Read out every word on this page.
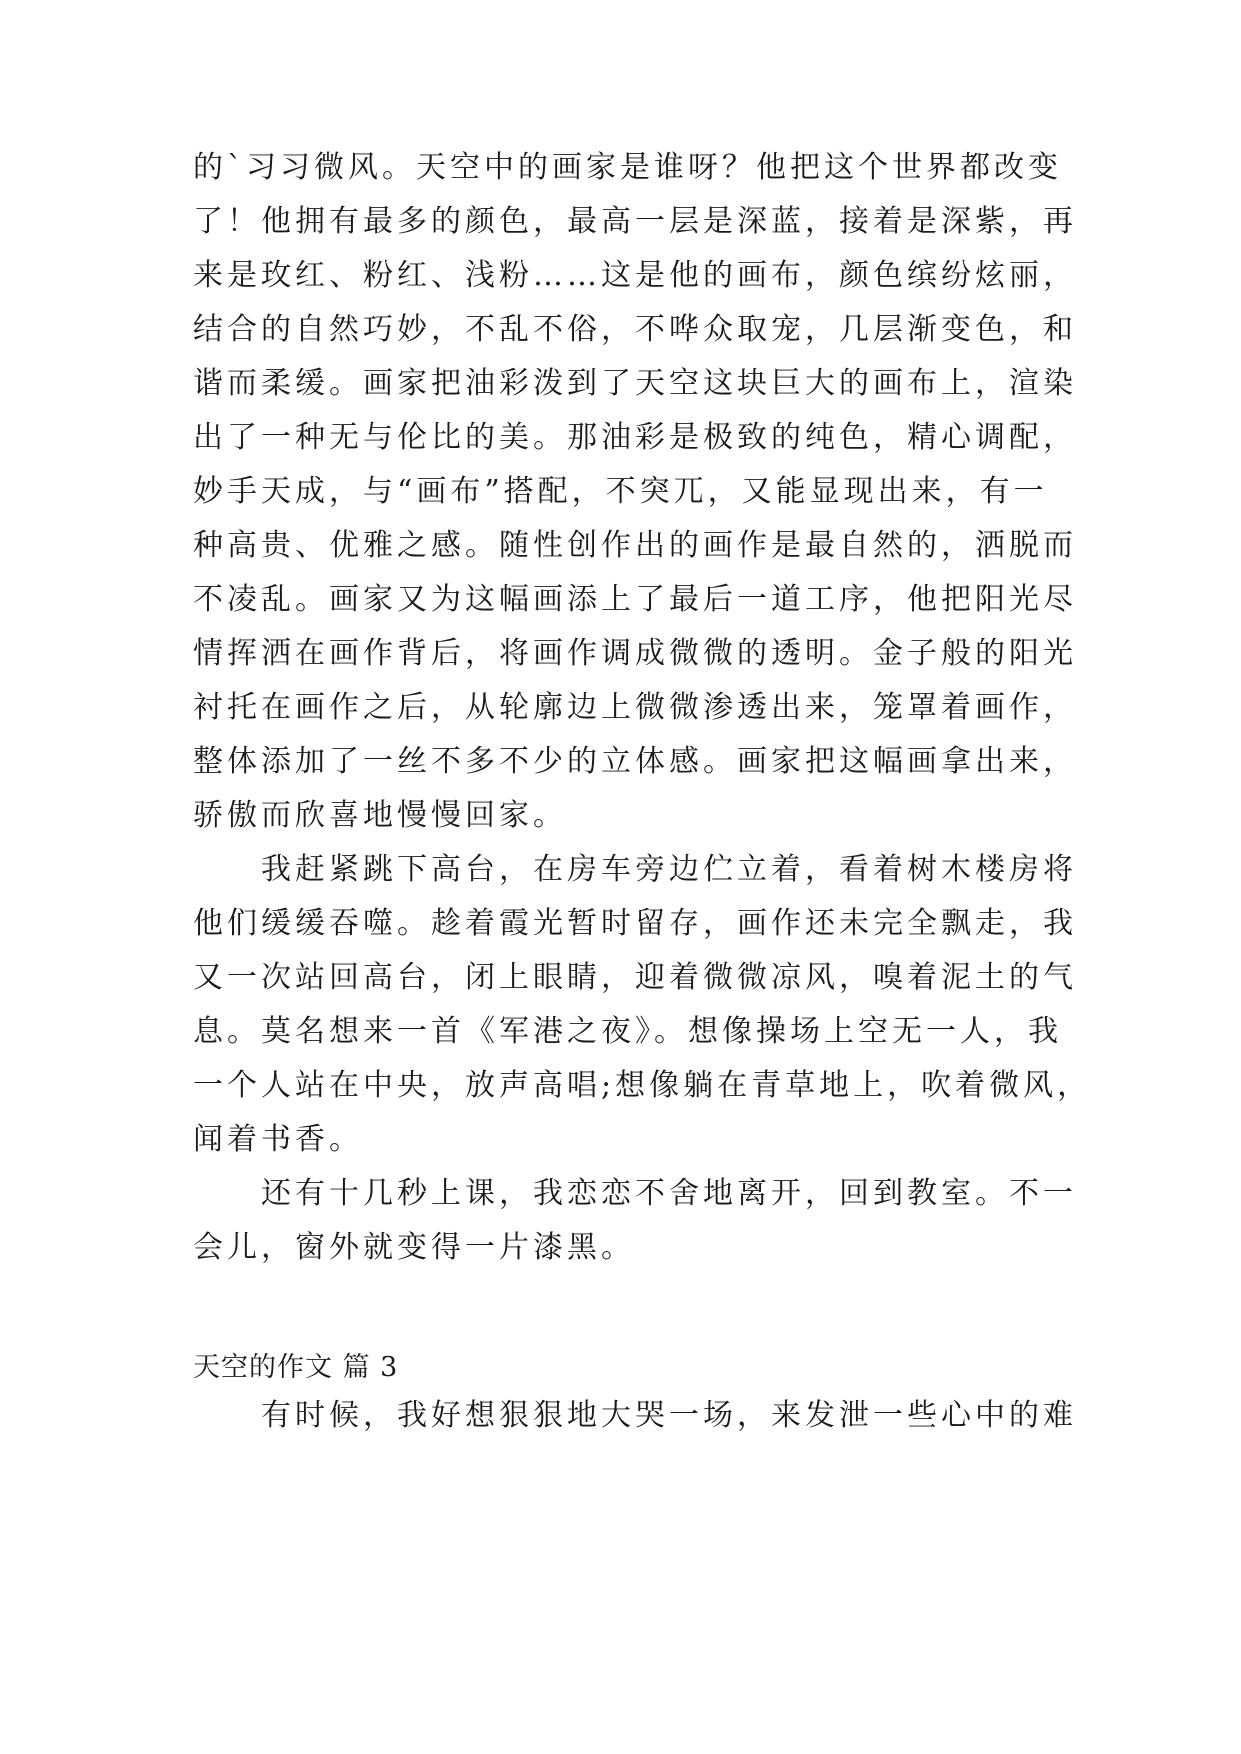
的`习习微风。天空中的画家是谁呀？他把这个世界都改变
了！他拥有最多的颜色，最高一层是深蓝，接着是深紫，再
来是玫红、粉红、浅粉……这是他的画布，颜色缤纷炫丽，
结合的自然巧妙，不乱不俗，不哗众取宠，几层渐变色，和
谐而柔缓。画家把油彩泼到了天空这块巨大的画布上，渲染
出了一种无与伦比的美。那油彩是极致的纯色，精心调配，
妙手天成，与“画布”搭配，不突兀，又能显现出来，有一
种高贵、优雅之感。随性创作出的画作是最自然的，洒脱而
不凌乱。画家又为这幅画添上了最后一道工序，他把阳光尽
情挥洒在画作背后，将画作调成微微的透明。金子般的阳光
衬托在画作之后，从轮廓边上微微渗透出来，笼罩着画作，
整体添加了一丝不多不少的立体感。画家把这幅画拿出来，
骄傲而欣喜地慢慢回家。
　　我赶紧跳下高台，在房车旁边伫立着，看着树木楼房将
他们缓缓吞噬。趁着霞光暂时留存，画作还未完全飘走，我
又一次站回高台，闭上眼睛，迎着微微凉风，嗅着泥土的气
息。莫名想来一首《军港之夜》。想像操场上空无一人，我
一个人站在中央，放声高唱;想像躺在青草地上，吹着微风，
闻着书香。
　　还有十几秒上课，我恋恋不舍地离开，回到教室。不一
会儿，窗外就变得一片漆黑。
天空的作文 篇 3
　　有时候，我好想狠狠地大哭一场，来发泄一些心中的难
